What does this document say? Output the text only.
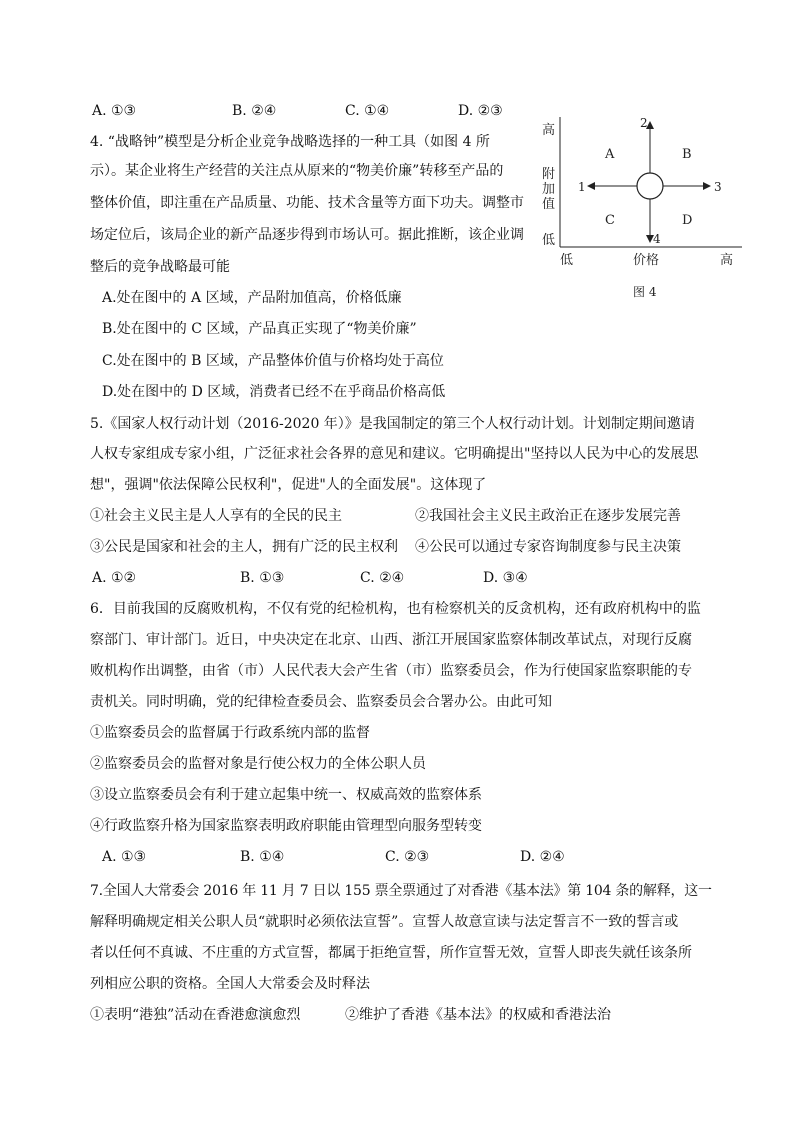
A. ①③	B. ②④	C. ①④	D. ②③
4. “战略钟”模型是分析企业竞争战略选择的一种工具（如图 4 所
示）。某企业将生产经营的关注点从原来的“物美价廉”转移至产品的
整体价值，即注重在产品质量、功能、技术含量等方面下功夫。调整市
场定位后，该局企业的新产品逐步得到市场认可。据此推断，该企业调
整后的竞争战略最可能
高
附
加
值
低
低	价格	高
1
2
3
4
A	B
C	D
图 4
A.处在图中的 A 区域，产品附加值高，价格低廉
B.处在图中的 C 区域，产品真正实现了“物美价廉”
C.处在图中的 B 区域，产品整体价值与价格均处于高位
D.处在图中的 D 区域，消费者已经不在乎商品价格高低
5.《国家人权行动计划（2016-2020 年）》是我国制定的第三个人权行动计划。计划制定期间邀请
人权专家组成专家小组，广泛征求社会各界的意见和建议。它明确提出"坚持以人民为中心的发展思
想"，强调"依法保障公民权利"，促进"人的全面发展"。这体现了
①社会主义民主是人人享有的全民的民主	②我国社会主义民主政治正在逐步发展完善
③公民是国家和社会的主人，拥有广泛的民主权利 ④公民可以通过专家咨询制度参与民主决策
A. ①②	B. ①③	C. ②④	D. ③④
6．目前我国的反腐败机构，不仅有党的纪检机构，也有检察机关的反贪机构，还有政府机构中的监
察部门、审计部门。近日，中央决定在北京、山西、浙江开展国家监察体制改革试点，对现行反腐
败机构作出调整，由省（市）人民代表大会产生省（市）监察委员会，作为行使国家监察职能的专
责机关。同时明确，党的纪律检查委员会、监察委员会合署办公。由此可知
①监察委员会的监督属于行政系统内部的监督
②监察委员会的监督对象是行使公权力的全体公职人员
③设立监察委员会有利于建立起集中统一、权威高效的监察体系
④行政监察升格为国家监察表明政府职能由管理型向服务型转变
A. ①③	B. ①④	C. ②③	D. ②④
7.全国人大常委会 2016 年 11 月 7 日以 155 票全票通过了对香港《基本法》第 104 条的解释，这一
解释明确规定相关公职人员“就职时必须依法宣誓”。宣誓人故意宣读与法定誓言不一致的誓言或
者以任何不真诚、不庄重的方式宣誓，都属于拒绝宣誓，所作宣誓无效，宣誓人即丧失就任该条所
列相应公职的资格。全国人大常委会及时释法
①表明“港独”活动在香港愈演愈烈	②维护了香港《基本法》的权威和香港法治
